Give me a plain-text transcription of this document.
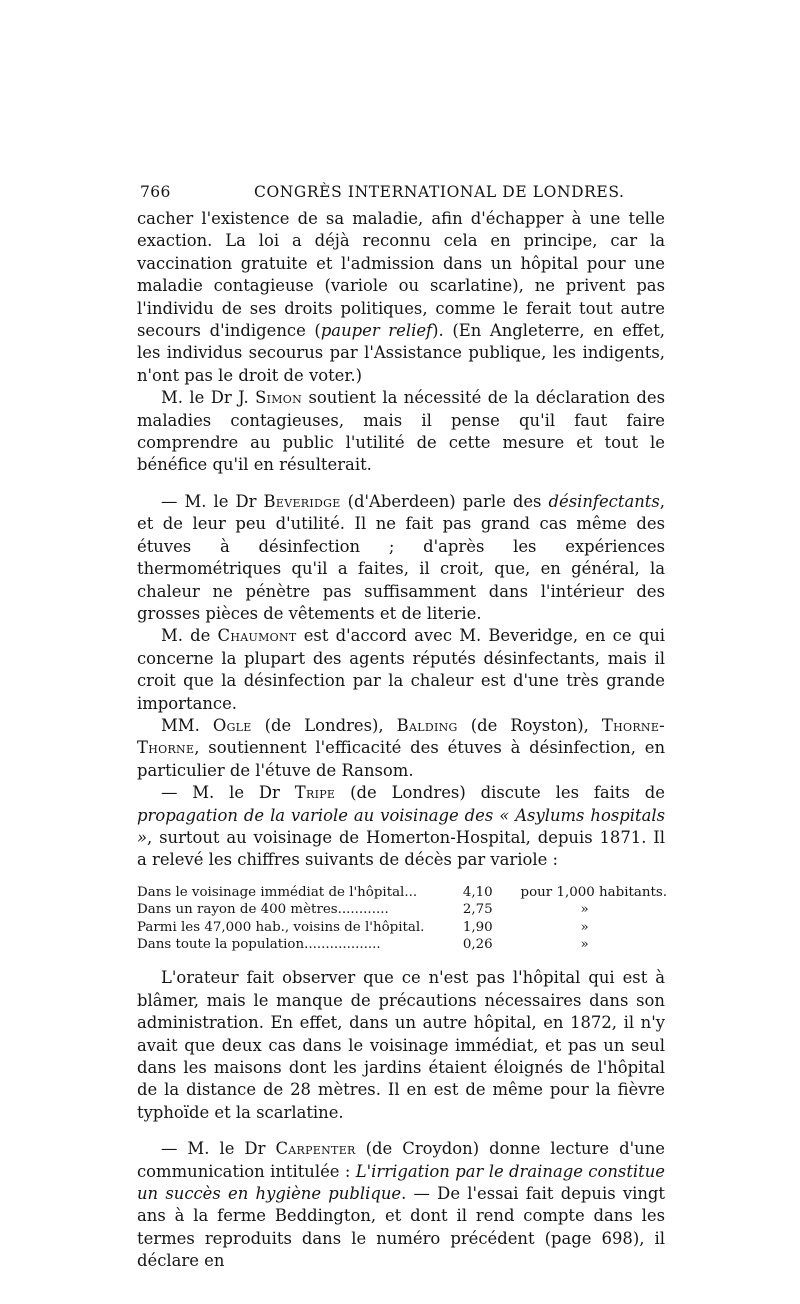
766	CONGRÈS INTERNATIONAL DE LONDRES.

cacher l'existence de sa maladie, afin d'échapper à une telle exaction. La loi a déjà reconnu cela en principe, car la vaccination gratuite et l'admission dans un hôpital pour une maladie contagieuse (variole ou scarlatine), ne privent pas l'individu de ses droits politiques, comme le ferait tout autre secours d'indigence (pauper relief). (En Angleterre, en effet, les individus secourus par l'Assistance publique, les indigents, n'ont pas le droit de voter.)

M. le Dr J. Simon soutient la nécessité de la déclaration des maladies contagieuses, mais il pense qu'il faut faire comprendre au public l'utilité de cette mesure et tout le bénéfice qu'il en résulterait.

— M. le Dr Beveridge (d'Aberdeen) parle des désinfectants, et de leur peu d'utilité. Il ne fait pas grand cas même des étuves à désinfection ; d'après les expériences thermométriques qu'il a faites, il croit, que, en général, la chaleur ne pénètre pas suffisamment dans l'intérieur des grosses pièces de vêtements et de literie.

M. de Chaumont est d'accord avec M. Beveridge, en ce qui concerne la plupart des agents réputés désinfectants, mais il croit que la désinfection par la chaleur est d'une très grande importance.

MM. Ogle (de Londres), Balding (de Royston), Thorne-Thorne, soutiennent l'efficacité des étuves à désinfection, en particulier de l'étuve de Ransom.

— M. le Dr Tripe (de Londres) discute les faits de propagation de la variole au voisinage des « Asylums hospitals », surtout au voisinage de Homerton-Hospital, depuis 1871. Il a relevé les chiffres suivants de décès par variole :

Dans le voisinage immédiat de l'hôpital...	4,10	pour 1,000 habitants.
Dans un rayon de 400 mètres............	2,75	»
Parmi les 47,000 hab., voisins de l'hôpital.	1,90	»
Dans toute la population..................	0,26	»

L'orateur fait observer que ce n'est pas l'hôpital qui est à blâmer, mais le manque de précautions nécessaires dans son administration. En effet, dans un autre hôpital, en 1872, il n'y avait que deux cas dans le voisinage immédiat, et pas un seul dans les maisons dont les jardins étaient éloignés de l'hôpital de la distance de 28 mètres. Il en est de même pour la fièvre typhoïde et la scarlatine.

— M. le Dr Carpenter (de Croydon) donne lecture d'une communication intitulée : L'irrigation par le drainage constitue un succès en hygiène publique. — De l'essai fait depuis vingt ans à la ferme Beddington, et dont il rend compte dans les termes reproduits dans le numéro précédent (page 698), il déclare en
